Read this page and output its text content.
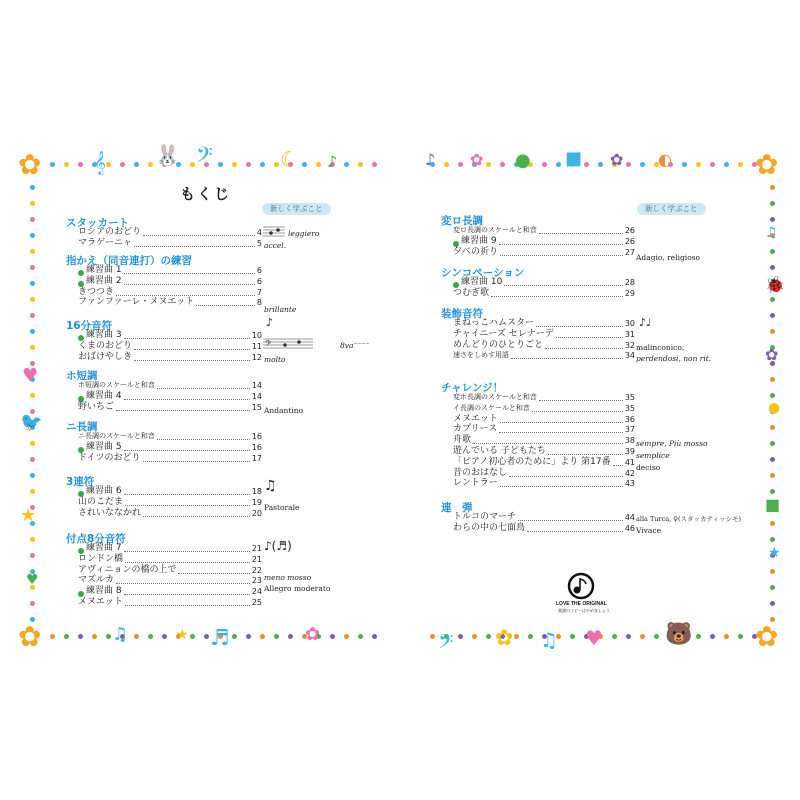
✿	𝄞 🐰 𝄢	☾ ♪
✿	♫	★ ♬	✿
♥
🐦
★
♥
♪ ✿ ● ■ ✿ ◐	✿
✿
𝄢 ✿ ♫ ♥	🐻
♫
🐞
✿
●
■
★
もくじ
新しく学ぶこと	新しく学ぶこと
スタッカート
ロシアのおどり	4
マラゲーニャ	5
指かえ（同音連打）の練習
練習曲 1	6
練習曲 2	6
きつつき	7
ファンファーレ・メヌエット	8
16分音符
練習曲 3	10
くまのおどり	11
おばけやしき	12
ホ短調
ホ短調のスケールと和音	14
練習曲 4	14
野いちご	15
ニ長調
ニ長調のスケールと和音	16
練習曲 5	16
ドイツのおどり	17
3連符
練習曲 6	18
山のこだま	19
されいななかれ	20
付点8分音符
練習曲 7	21
ロンドン橋	21
アヴィニョンの橋の上で	22
マズルカ	23
練習曲 8	24
メヌエット	25
変ロ長調
変ロ長調のスケールと和音	26
練習曲 9	26
夕べの祈り	27
シンコペーション
練習曲 10	28
つむぎ歌	29
装飾音符
まねっこハムスター	30
チャイニーズ セレナーデ	31
めんどりのひとりごと	32
速さをしめす用語	34
チャレンジ！
変ホ長調のスケールと和音	35
イ長調のスケールと和音	35
メヌエット	36
カプリース	37
舟歌	38
遊んでいる 子どもたち	39
「ピアノ初心者のために」より 第17番 41
昔のおはなし	42
レントラー	43
連　弾
トルコのマーチ	44
わらの中の七面鳥	46
leggiero
accel.
brillante
♪
𝄢	8va⁻⁻⁻⁻
molto
Andantino
♫
Pastorale
♪(♬)
meno mosso
Allegro moderato
Adagio, religioso
♪♩
malinconico,
perdendosi, non rit.
sempre, Più mosso
semplice
deciso
alla Turca, ♀(スタッカティッシモ)
Vivace
LOVE THE ORIGINAL
楽譜のコピーはやめましょう
